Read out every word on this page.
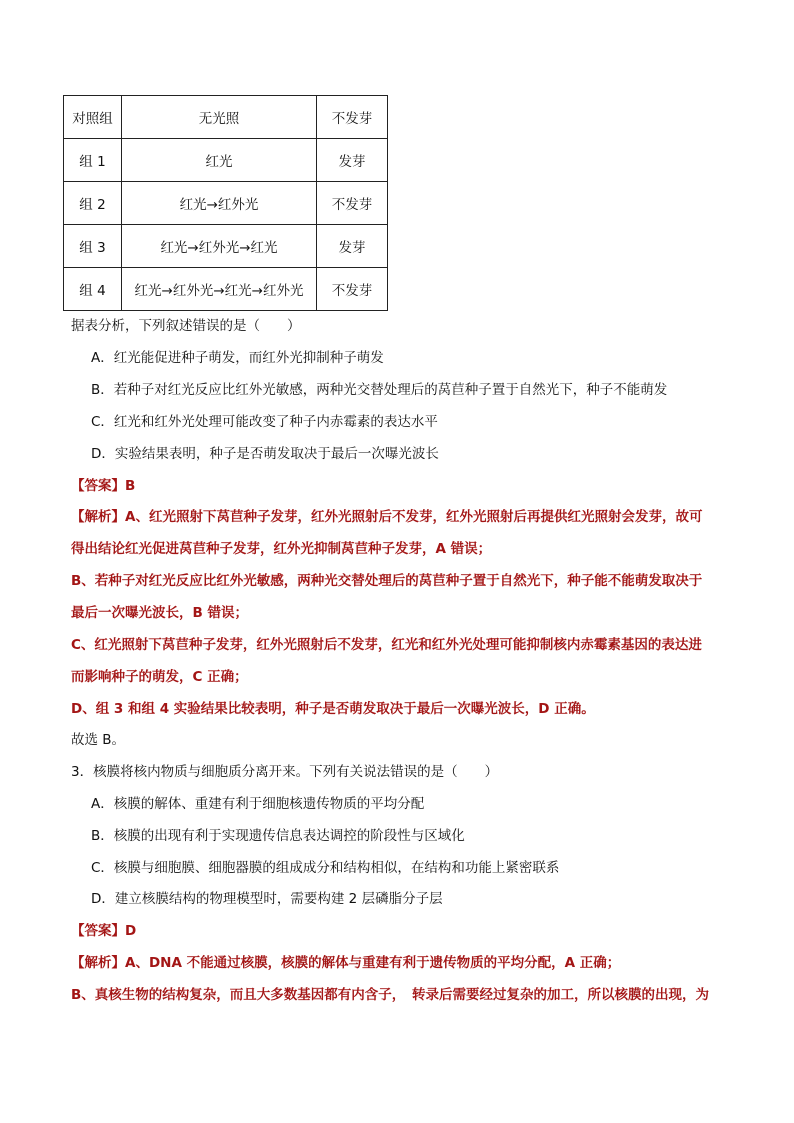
对照组	无光照	不发芽
组 1	红光	发芽
组 2	红光→红外光	不发芽
组 3	红光→红外光→红光	发芽
组 4	红光→红外光→红光→红外光	不发芽
据表分析，下列叙述错误的是（　　）
A．红光能促进种子萌发，而红外光抑制种子萌发
B．若种子对红光反应比红外光敏感，两种光交替处理后的莴苣种子置于自然光下，种子不能萌发
C．红光和红外光处理可能改变了种子内赤霉素的表达水平
D．实验结果表明，种子是否萌发取决于最后一次曝光波长
【答案】B
【解析】A、红光照射下莴苣种子发芽，红外光照射后不发芽，红外光照射后再提供红光照射会发芽，故可
得出结论红光促进莴苣种子发芽，红外光抑制莴苣种子发芽，A 错误；
B、若种子对红光反应比红外光敏感，两种光交替处理后的莴苣种子置于自然光下，种子能不能萌发取决于
最后一次曝光波长，B 错误；
C、红光照射下莴苣种子发芽，红外光照射后不发芽，红光和红外光处理可能抑制核内赤霉素基因的表达进
而影响种子的萌发，C 正确；
D、组 3 和组 4 实验结果比较表明，种子是否萌发取决于最后一次曝光波长，D 正确。
故选 B。
3．核膜将核内物质与细胞质分离开来。下列有关说法错误的是（　　）
A．核膜的解体、重建有利于细胞核遗传物质的平均分配
B．核膜的出现有利于实现遗传信息表达调控的阶段性与区域化
C．核膜与细胞膜、细胞器膜的组成成分和结构相似，在结构和功能上紧密联系
D．建立核膜结构的物理模型时，需要构建 2 层磷脂分子层
【答案】D
【解析】A、DNA 不能通过核膜，核膜的解体与重建有利于遗传物质的平均分配，A 正确；
B、真核生物的结构复杂，而且大多数基因都有内含子，　转录后需要经过复杂的加工，所以核膜的出现，为
